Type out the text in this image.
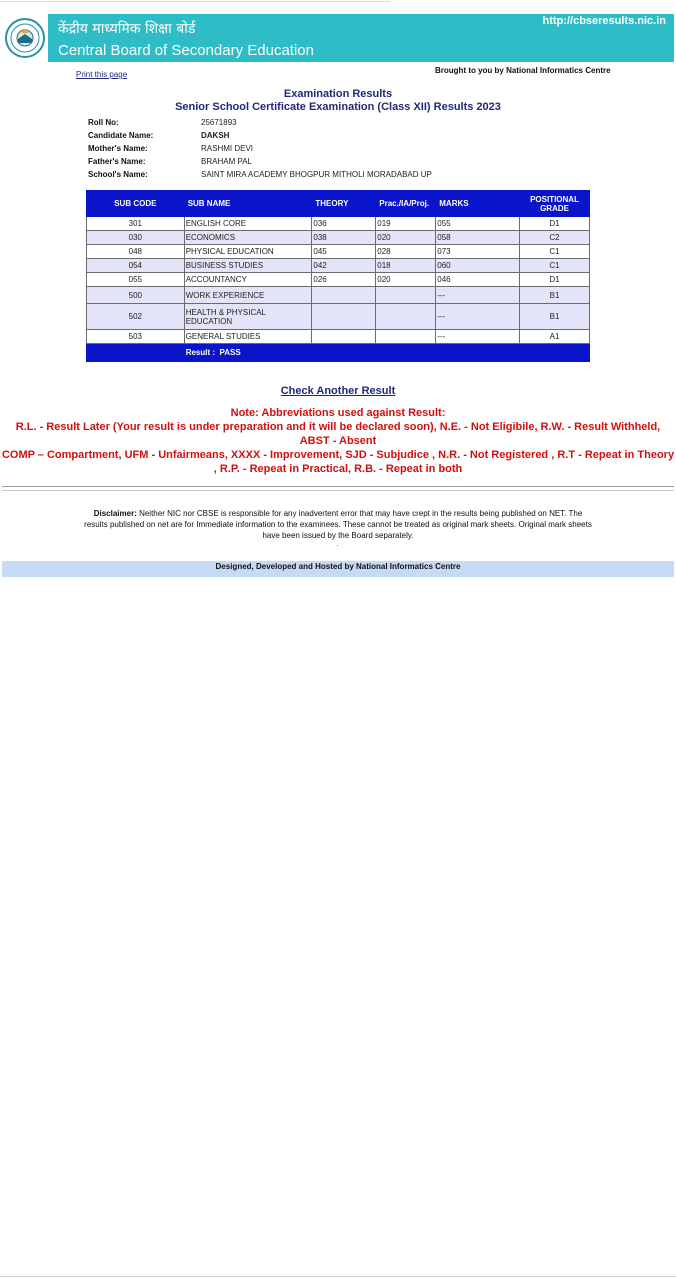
केंद्रीय माध्यमिक शिक्षा बोर्ड
Central Board of Secondary Education
http://cbseresults.nic.in
Print this page	Brought to you by National Informatics Centre
Examination Results
Senior School Certificate Examination (Class XII) Results 2023
Roll No:	25671893
Candidate Name:	DAKSH
Mother's Name:	RASHMI DEVI
Father's Name:	BRAHAM PAL
School's Name:	SAINT MIRA ACADEMY BHOGPUR MITHOLI MORADABAD UP
SUB CODE	SUB NAME	THEORY	Prac./IA/Proj.	MARKS	POSITIONAL GRADE
301	ENGLISH CORE	036	019	055	D1
030	ECONOMICS	038	020	058	C2
048	PHYSICAL EDUCATION	045	028	073	C1
054	BUSINESS STUDIES	042	018	060	C1
055	ACCOUNTANCY	026	020	046	D1
500	WORK EXPERIENCE			---	B1
502	HEALTH & PHYSICAL EDUCATION			---	B1
503	GENERAL STUDIES			---	A1
	Result : PASS				
Check Another Result
Note: Abbreviations used against Result:
R.L. - Result Later (Your result is under preparation and it will be declared soon), N.E. - Not Eligibile, R.W. - Result Withheld, ABST - Absent
COMP – Compartment, UFM - Unfairmeans, XXXX - Improvement, SJD - Subjudice , N.R. - Not Registered , R.T - Repeat in Theory , R.P. - Repeat in Practical, R.B. - Repeat in both
Disclaimer: Neither NIC nor CBSE is responsible for any inadvertent error that may have crept in the results being published on NET. The results published on net are for Immediate information to the examinees. These cannot be treated as original mark sheets. Original mark sheets have been issued by the Board separately.
Designed, Developed and Hosted by National Informatics Centre
